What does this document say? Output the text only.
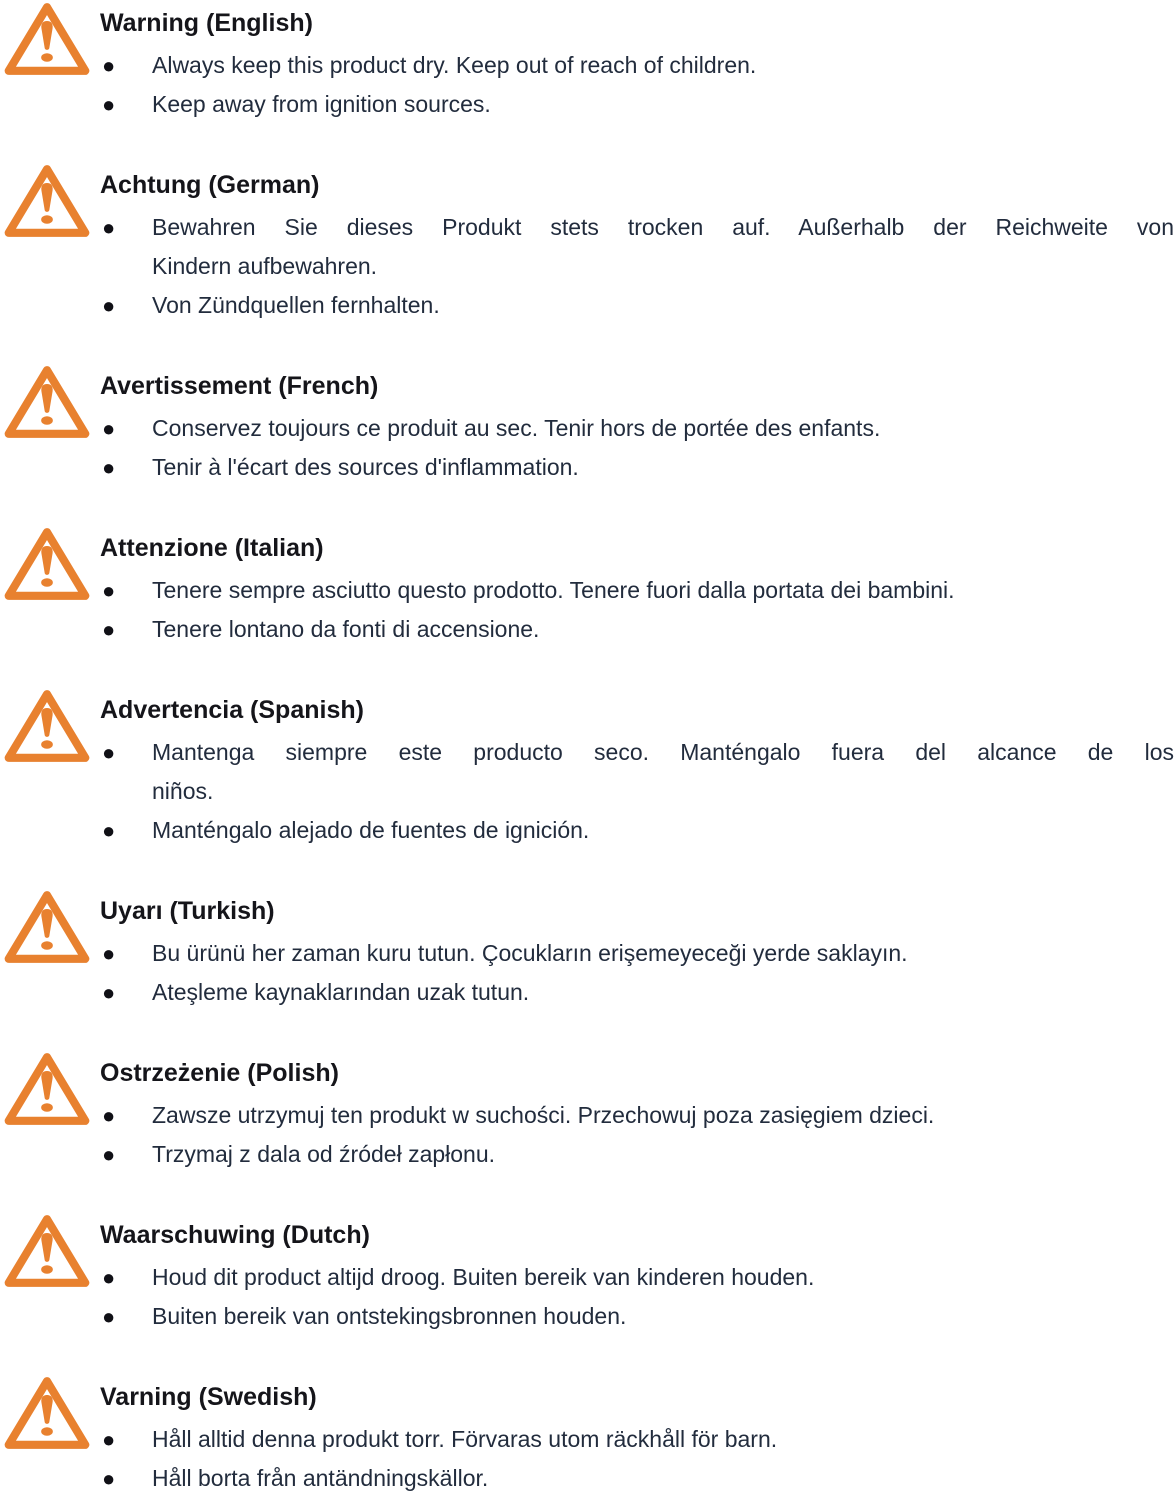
Warning (English)
●	Always keep this product dry. Keep out of reach of children.
●	Keep away from ignition sources.
Achtung (German)
●	Bewahren Sie dieses Produkt stets trocken auf. Außerhalb der Reichweite von
Kindern aufbewahren.
●	Von Zündquellen fernhalten.
Avertissement (French)
●	Conservez toujours ce produit au sec. Tenir hors de portée des enfants.
●	Tenir à l'écart des sources d'inflammation.
Attenzione (Italian)
●	Tenere sempre asciutto questo prodotto. Tenere fuori dalla portata dei bambini.
●	Tenere lontano da fonti di accensione.
Advertencia (Spanish)
●	Mantenga siempre este producto seco. Manténgalo fuera del alcance de los
niños.
●	Manténgalo alejado de fuentes de ignición.
Uyarı (Turkish)
●	Bu ürünü her zaman kuru tutun. Çocukların erişemeyeceği yerde saklayın.
●	Ateşleme kaynaklarından uzak tutun.
Ostrzeżenie (Polish)
●	Zawsze utrzymuj ten produkt w suchości. Przechowuj poza zasięgiem dzieci.
●	Trzymaj z dala od źródeł zapłonu.
Waarschuwing (Dutch)
●	Houd dit product altijd droog. Buiten bereik van kinderen houden.
●	Buiten bereik van ontstekingsbronnen houden.
Varning (Swedish)
●	Håll alltid denna produkt torr. Förvaras utom räckhåll för barn.
●	Håll borta från antändningskällor.
